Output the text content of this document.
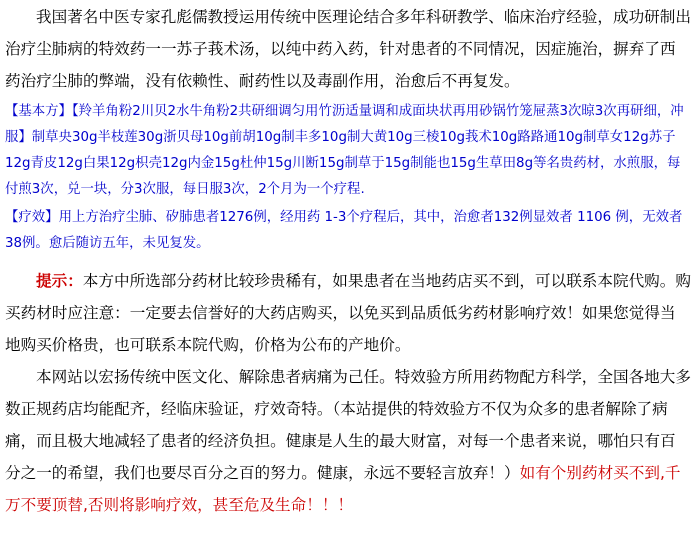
我国著名中医专家孔彪儒教授运用传统中医理论结合多年科研教学、临床治疗经验，成功研制出治疗尘肺病的特效药一一苏子莪术汤，以纯中药入药，针对患者的不同情况，因症施治，摒弃了西药治疗尘肺的弊端，没有依赖性、耐药性以及毒副作用，治愈后不再复发。

【基本方】【羚羊角粉2川贝2水牛角粉2共研细调匀用竹沥适量调和成面块状再用砂锅竹笼屉蒸3次晾3次再研细，冲服】制草央30g半枝莲30g浙贝母10g前胡10g制丰多10g制大黄10g三棱10g莪术10g路路通10g制草女12g苏子12g青皮12g白果12g枳壳12g内金15g杜仲15g川断15g制草于15g制能也15g生草田8g等名贵药材，水煎服，每付煎3次，兑一块，分3次服，每日服3次，2个月为一个疗程.

【疗效】用上方治疗尘肺、矽肺患者1276例，经用药 1-3个疗程后，其中，治愈者132例显效者 1106 例，无效者 38例。愈后随访五年，未见复发。

提示：本方中所选部分药材比较珍贵稀有，如果患者在当地药店买不到，可以联系本院代购。购买药材时应注意：一定要去信誉好的大药店购买，以免买到品质低劣药材影响疗效！如果您觉得当地购买价格贵，也可联系本院代购，价格为公布的产地价。

本网站以宏扬传统中医文化、解除患者病痛为己任。特效验方所用药物配方科学，全国各地大多数正规药店均能配齐，经临床验证，疗效奇特。（本站提供的特效验方不仅为众多的患者解除了病痛，而且极大地减轻了患者的经济负担。健康是人生的最大财富，对每一个患者来说，哪怕只有百分之一的希望，我们也要尽百分之百的努力。健康，永远不要轻言放弃！）如有个别药材买不到,千万不要顶替,否则将影响疗效，甚至危及生命！！！
